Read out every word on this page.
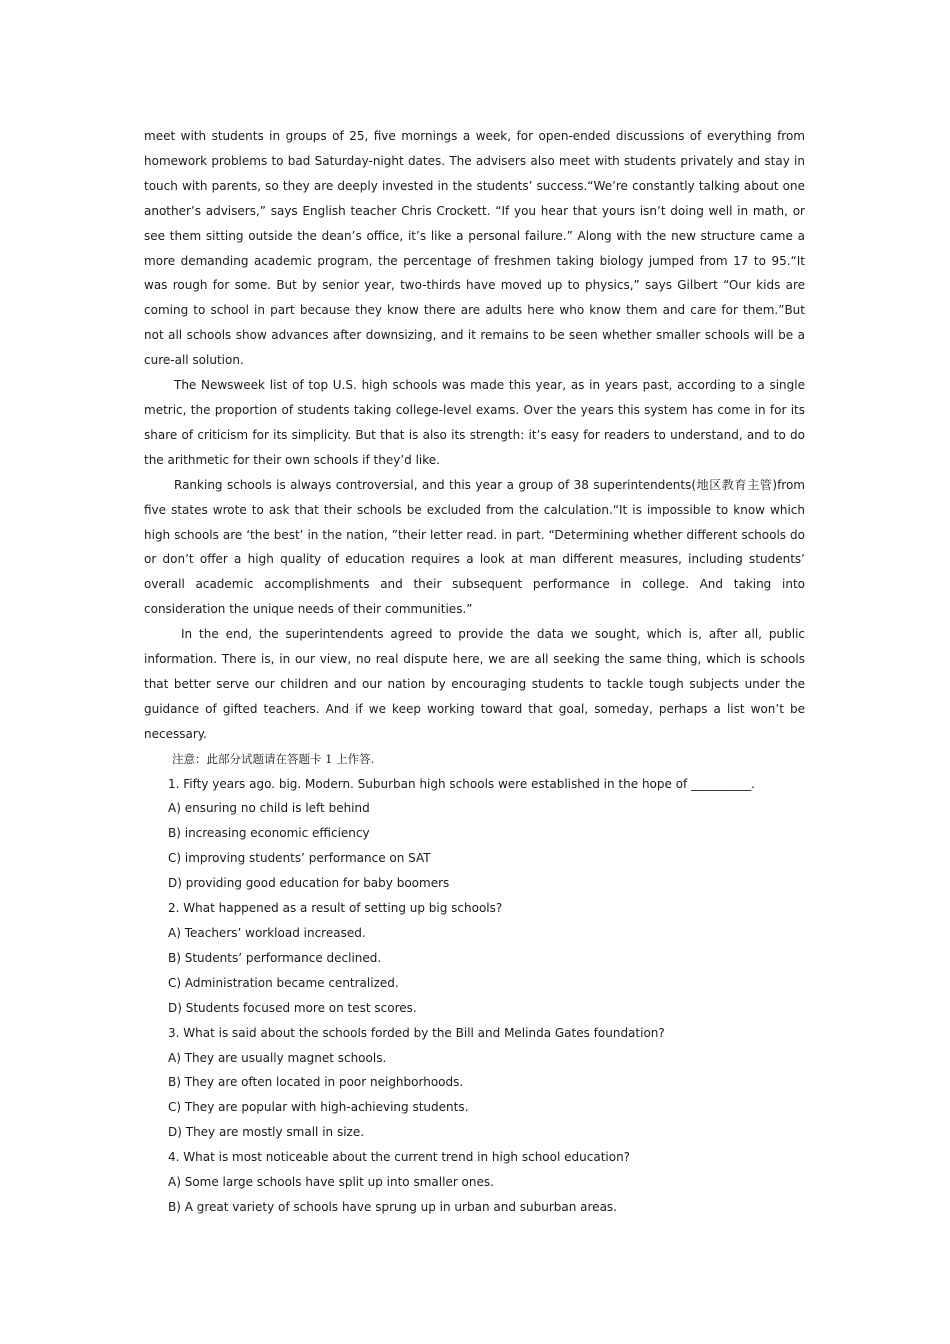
meet with students in groups of 25, five mornings a week, for open-ended discussions of everything from homework problems to bad Saturday-night dates. The advisers also meet with students privately and stay in touch with parents, so they are deeply invested in the students’ success.“We’re constantly talking about one another’s advisers,” says English teacher Chris Crockett. “If you hear that yours isn’t doing well in math, or see them sitting outside the dean’s office, it’s like a personal failure.” Along with the new structure came a more demanding academic program, the percentage of freshmen taking biology jumped from 17 to 95.“It was rough for some. But by senior year, two-thirds have moved up to physics,” says Gilbert “Our kids are coming to school in part because they know there are adults here who know them and care for them.”But not all schools show advances after downsizing, and it remains to be seen whether smaller schools will be a cure-all solution.

The Newsweek list of top U.S. high schools was made this year, as in years past, according to a single metric, the proportion of students taking college-level exams. Over the years this system has come in for its share of criticism for its simplicity. But that is also its strength: it’s easy for readers to understand, and to do the arithmetic for their own schools if they’d like.

Ranking schools is always controversial, and this year a group of 38 superintendents(地区教育主管)from five states wrote to ask that their schools be excluded from the calculation.“It is impossible to know which high schools are ‘the best’ in the nation, ”their letter read. in part. “Determining whether different schools do or don’t offer a high quality of education requires a look at man different measures, including students’ overall academic accomplishments and their subsequent performance in college. And taking into consideration the unique needs of their communities.”

In the end, the superintendents agreed to provide the data we sought, which is, after all, public information. There is, in our view, no real dispute here, we are all seeking the same thing, which is schools that better serve our children and our nation by encouraging students to tackle tough subjects under the guidance of gifted teachers. And if we keep working toward that goal, someday, perhaps a list won’t be necessary.

注意：此部分试题请在答题卡 1 上作答.

1. Fifty years ago. big. Modern. Suburban high schools were established in the hope of __________.

A) ensuring no child is left behind

B) increasing economic efficiency

C) improving students’ performance on SAT

D) providing good education for baby boomers

2. What happened as a result of setting up big schools?

A) Teachers’ workload increased.

B) Students’ performance declined.

C) Administration became centralized.

D) Students focused more on test scores.

3. What is said about the schools forded by the Bill and Melinda Gates foundation?

A) They are usually magnet schools.

B) They are often located in poor neighborhoods.

C) They are popular with high-achieving students.

D) They are mostly small in size.

4. What is most noticeable about the current trend in high school education?

A) Some large schools have split up into smaller ones.

B) A great variety of schools have sprung up in urban and suburban areas.
